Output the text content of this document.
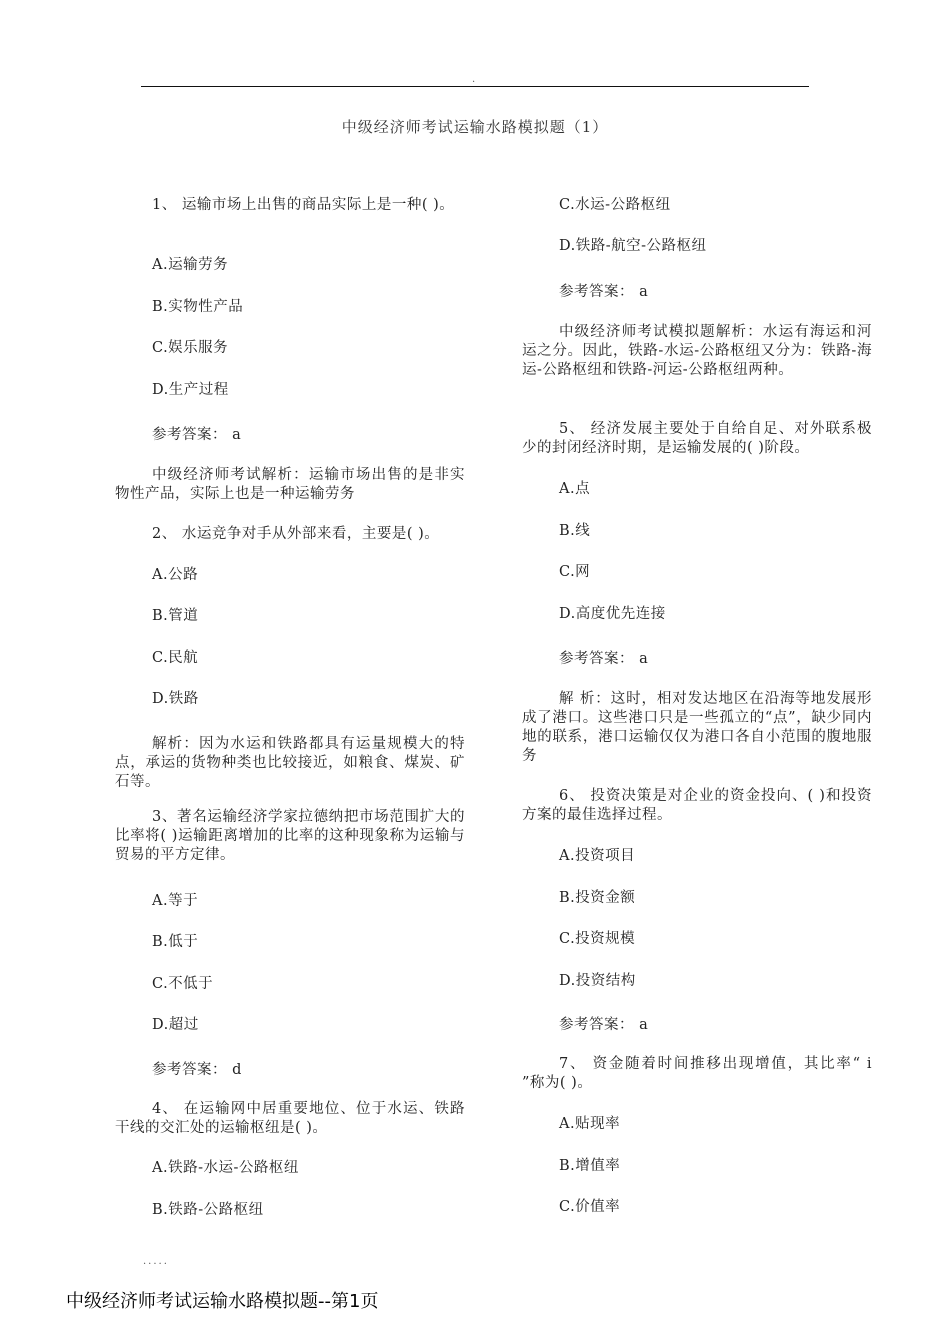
.
中级经济师考试运输水路模拟题（1）
1、 运输市场上出售的商品实际上是一种( )。
A.运输劳务
B.实物性产品
C.娱乐服务
D.生产过程
参考答案： a
中级经济师考试解析：运输市场出售的是非实物性产品，实际上也是一种运输劳务
2、 水运竞争对手从外部来看，主要是( )。
A.公路
B.管道
C.民航
D.铁路
解析：因为水运和铁路都具有运量规模大的特点，承运的货物种类也比较接近，如粮食、煤炭、矿石等。
3、著名运输经济学家拉德纳把市场范围扩大的比率将( )运输距离增加的比率的这种现象称为运输与贸易的平方定律。
A.等于
B.低于
C.不低于
D.超过
参考答案： d
4、 在运输网中居重要地位、位于水运、铁路干线的交汇处的运输枢纽是( )。
A.铁路-水运-公路枢纽
B.铁路-公路枢纽
C.水运-公路枢纽
D.铁路-航空-公路枢纽
参考答案： a
中级经济师考试模拟题解析：水运有海运和河运之分。因此，铁路-水运-公路枢纽又分为：铁路-海运-公路枢纽和铁路-河运-公路枢纽两种。
5、 经济发展主要处于自给自足、对外联系极少的封闭经济时期，是运输发展的( )阶段。
A.点
B.线
C.网
D.高度优先连接
参考答案： a
解 析：这时，相对发达地区在沿海等地发展形成了港口。这些港口只是一些孤立的“点”，缺少同内地的联系，港口运输仅仅为港口各自小范围的腹地服务
6、 投资决策是对企业的资金投向、( )和投资方案的最佳选择过程。
A.投资项目
B.投资金额
C.投资规模
D.投资结构
参考答案： a
7、 资金随着时间推移出现增值，其比率“ i ”称为( )。
A.贴现率
B.增值率
C.价值率
.....
中级经济师考试运输水路模拟题--第1页
